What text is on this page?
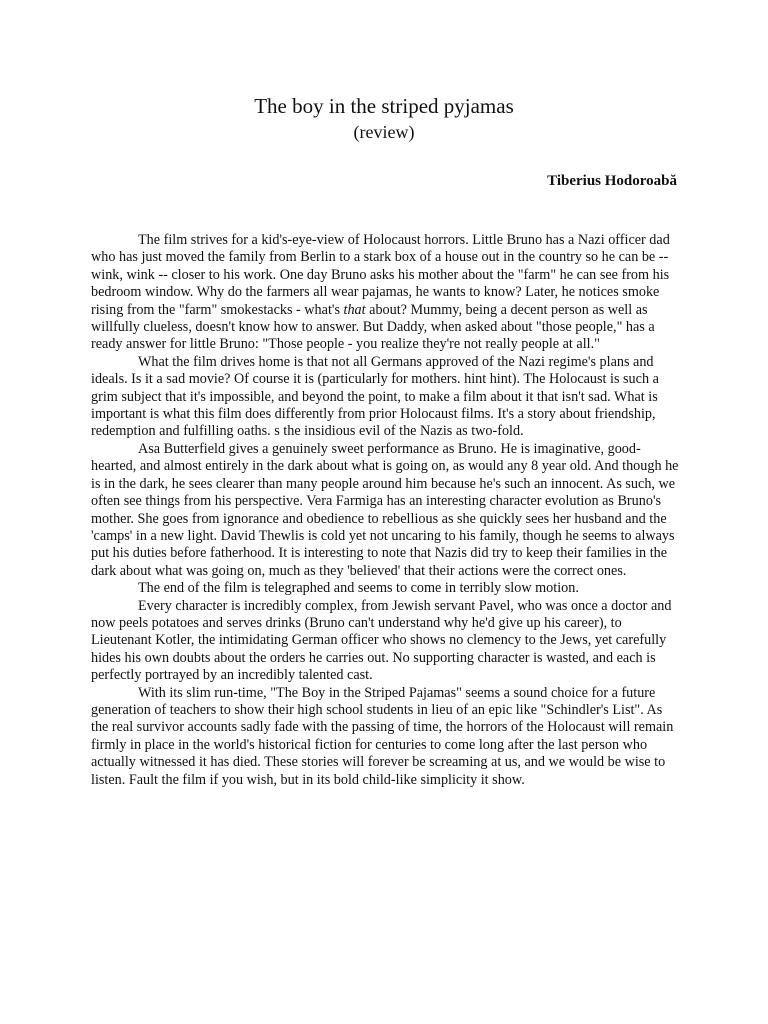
The boy in the striped pyjamas
(review)
Tiberius Hodoroabă

The film strives for a kid's-eye-view of Holocaust horrors. Little Bruno has a Nazi officer dad who has just moved the family from Berlin to a stark box of a house out in the country so he can be -- wink, wink -- closer to his work. One day Bruno asks his mother about the "farm" he can see from his bedroom window. Why do the farmers all wear pajamas, he wants to know? Later, he notices smoke rising from the "farm" smokestacks - what's that about? Mummy, being a decent person as well as willfully clueless, doesn't know how to answer. But Daddy, when asked about "those people," has a ready answer for little Bruno: "Those people - you realize they're not really people at all."

What the film drives home is that not all Germans approved of the Nazi regime's plans and ideals. Is it a sad movie? Of course it is (particularly for mothers. hint hint). The Holocaust is such a grim subject that it's impossible, and beyond the point, to make a film about it that isn't sad. What is important is what this film does differently from prior Holocaust films. It's a story about friendship, redemption and fulfilling oaths. s the insidious evil of the Nazis as two-fold.

Asa Butterfield gives a genuinely sweet performance as Bruno. He is imaginative, good-hearted, and almost entirely in the dark about what is going on, as would any 8 year old. And though he is in the dark, he sees clearer than many people around him because he's such an innocent. As such, we often see things from his perspective. Vera Farmiga has an interesting character evolution as Bruno's mother. She goes from ignorance and obedience to rebellious as she quickly sees her husband and the 'camps' in a new light. David Thewlis is cold yet not uncaring to his family, though he seems to always put his duties before fatherhood. It is interesting to note that Nazis did try to keep their families in the dark about what was going on, much as they 'believed' that their actions were the correct ones.

The end of the film is telegraphed and seems to come in terribly slow motion.

Every character is incredibly complex, from Jewish servant Pavel, who was once a doctor and now peels potatoes and serves drinks (Bruno can't understand why he'd give up his career), to Lieutenant Kotler, the intimidating German officer who shows no clemency to the Jews, yet carefully hides his own doubts about the orders he carries out. No supporting character is wasted, and each is perfectly portrayed by an incredibly talented cast.

With its slim run-time, "The Boy in the Striped Pajamas" seems a sound choice for a future generation of teachers to show their high school students in lieu of an epic like "Schindler's List". As the real survivor accounts sadly fade with the passing of time, the horrors of the Holocaust will remain firmly in place in the world's historical fiction for centuries to come long after the last person who actually witnessed it has died. These stories will forever be screaming at us, and we would be wise to listen. Fault the film if you wish, but in its bold child-like simplicity it show.
